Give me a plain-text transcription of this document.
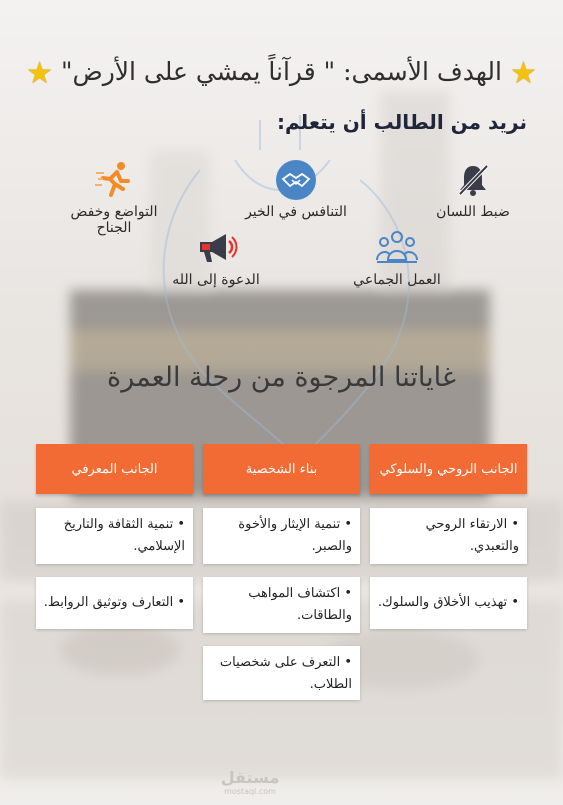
★ الهدف الأسمى: " قرآناً يمشي على الأرض" ★
نريد من الطالب أن يتعلم:
ضبط اللسان
التنافس في الخير
التواضع وخفض الجناح
العمل الجماعي
الدعوة إلى الله
غاياتنا المرجوة من رحلة العمرة
الجانب الروحي والسلوكي
بناء الشخصية
الجانب المعرفي
• الارتقاء الروحي والتعبدي.
• تهذيب الأخلاق والسلوك.
• تنمية الإيثار والأخوة والصبر.
• اكتشاف المواهب والطاقات.
• التعرف على شخصيات الطلاب.
• تنمية الثقافة والتاريخ الإسلامي.
• التعارف وتوثيق الروابط.
مستقل
mostaql.com
